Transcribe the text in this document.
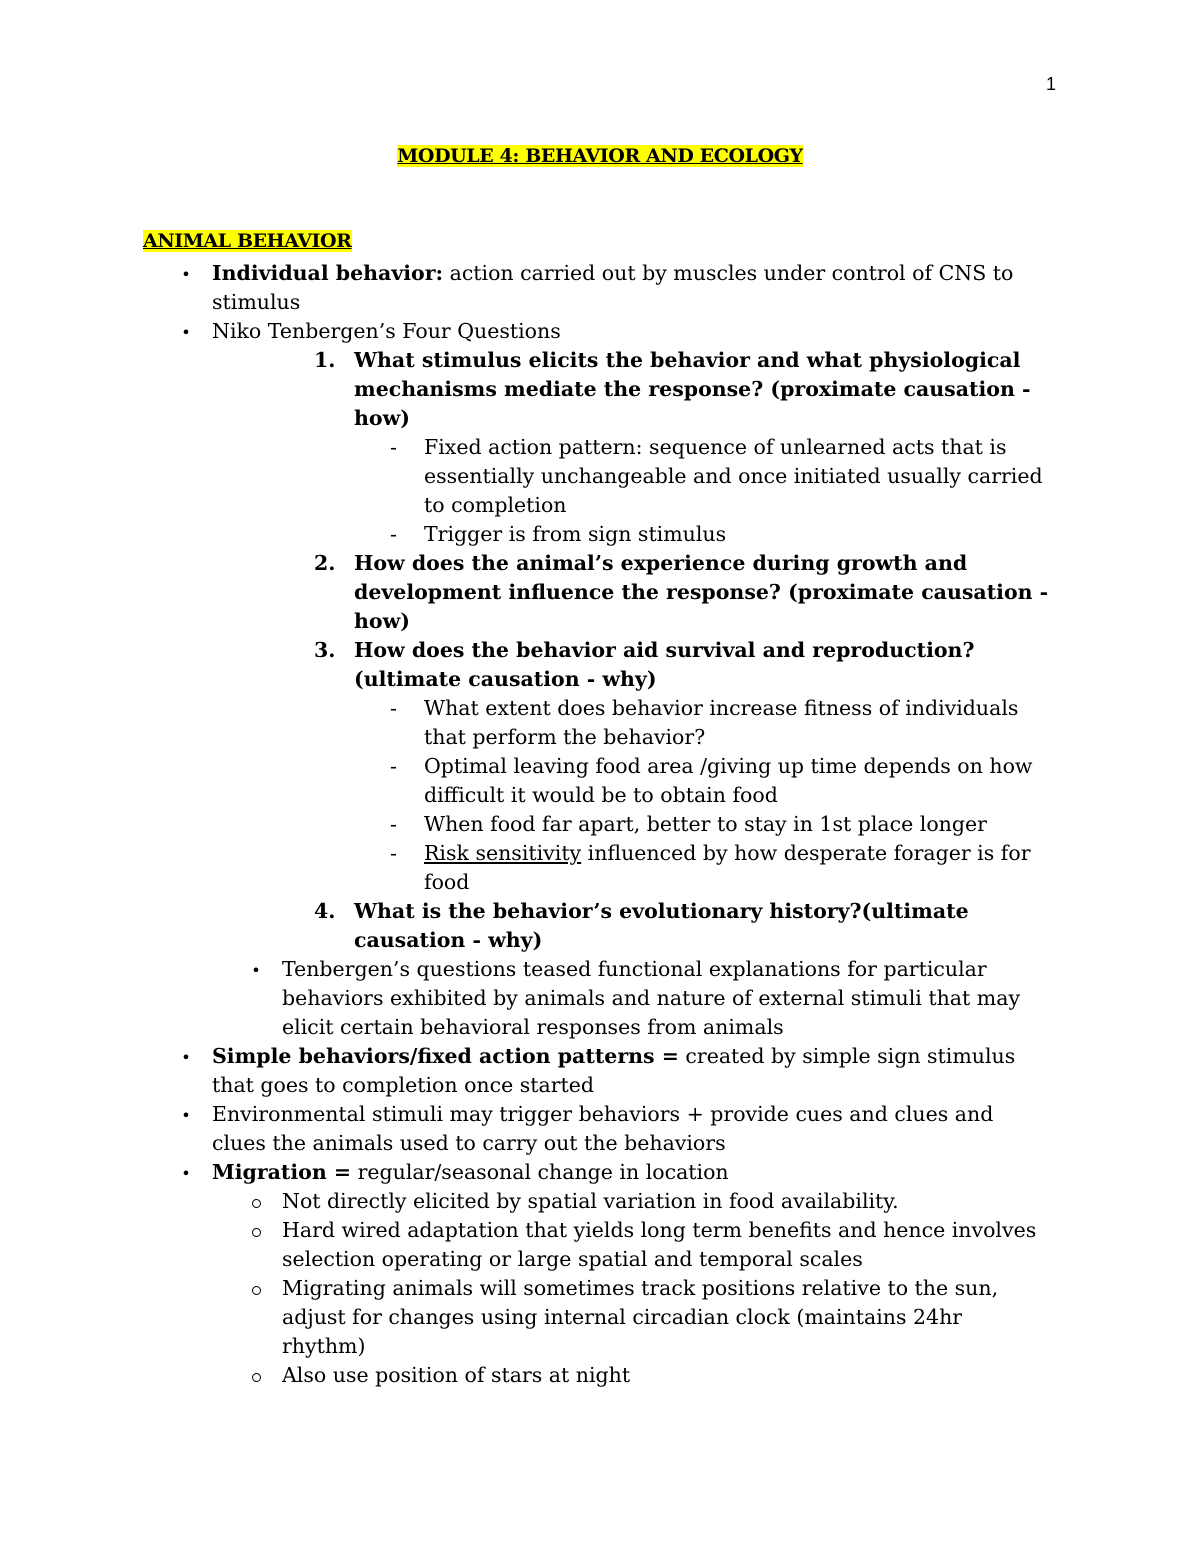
1
MODULE 4: BEHAVIOR AND ECOLOGY
ANIMAL BEHAVIOR
•
Individual behavior: action carried out by muscles under control of CNS to stimulus
•
Niko Tenbergen’s Four Questions
1. What stimulus elicits the behavior and what physiological mechanisms mediate the response? (proximate causation - how)
-	Fixed action pattern: sequence of unlearned acts that is essentially unchangeable and once initiated usually carried to completion
-	Trigger is from sign stimulus
2. How does the animal’s experience during growth and development influence the response? (proximate causation - how)
3. How does the behavior aid survival and reproduction? (ultimate causation - why)
-	What extent does behavior increase fitness of individuals that perform the behavior?
-	Optimal leaving food area /giving up time depends on how difficult it would be to obtain food
-	When food far apart, better to stay in 1st place longer
-	Risk sensitivity influenced by how desperate forager is for food
4. What is the behavior’s evolutionary history?(ultimate causation - why)
•
Tenbergen’s questions teased functional explanations for particular behaviors exhibited by animals and nature of external stimuli that may elicit certain behavioral responses from animals
•
Simple behaviors/fixed action patterns = created by simple sign stimulus that goes to completion once started
•
Environmental stimuli may trigger behaviors + provide cues and clues and clues the animals used to carry out the behaviors
•
Migration = regular/seasonal change in location
Not directly elicited by spatial variation in food availability.
Hard wired adaptation that yields long term benefits and hence involves selection operating or large spatial and temporal scales
Migrating animals will sometimes track positions relative to the sun, adjust for changes using internal circadian clock (maintains 24hr rhythm)
Also use position of stars at night
